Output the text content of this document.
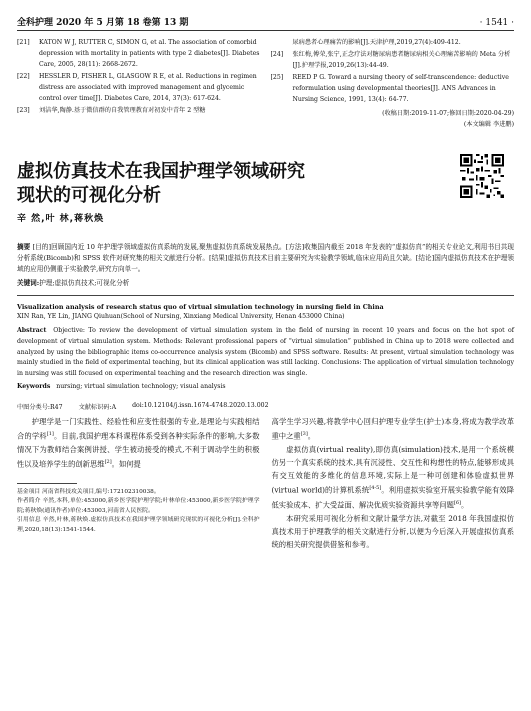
全科护理 2020 年 5 月第 18 卷第 13 期	· 1541 ·
[21]	KATON W J, RUTTER C, SIMON G, et al. The association of comorbid depression with mortality in patients with type 2 diabetes[J]. Diabetes Care, 2005, 28(11): 2668-2672.
[22]	HESSLER D, FISHER L, GLASGOW R E, et al. Reductions in regimen distress are associated with improved management and glycemic control over time[J]. Diabetes Care, 2014, 37(3): 617-624.
[23]	刘洁华,陶静.基于微信群的自我管理教育对初发中青年 2 型糖
尿病患者心理痛苦的影响[J].天津护理,2019,27(4):409-412.
[24]	张红梅,傅荣,张宁,正念疗法对糖尿病患者糖尿病相关心理痛苦影响的 Meta 分析[J].护理学报,2019,26(13):44-49.
[25]	REED P G. Toward a nursing theory of self-transcendence: deductive reformulation using developmental theories[J]. ANS Advances in Nursing Science, 1991, 13(4): 64-77.
(收稿日期:2019-11-07;修回日期:2020-04-29)
(本文编辑 李进鹏)
虚拟仿真技术在我国护理学领域研究
现状的可视化分析
辛 然,叶 林,蒋秋焕
摘要 [目的]回顾国内近 10 年护理学领域虚拟仿真系统的发展,聚焦虚拟仿真系统发展热点。[方法]收集国内截至 2018 年发表的“虚拟仿真”的相关专业论文,利用书目共现分析系统(Bicomb)和 SPSS 软件对研究集的相关文献进行分析。[结果]虚拟仿真技术目前主要研究为实验教学领域,临床应用尚且欠缺。[结论]国内虚拟仿真技术在护理领域的应用仍侧重于实验教学,研究方向单一。
关键词:护理;虚拟仿真技术;可视化分析
Visualization analysis of research status quo of virtual simulation technology in nursing field in China
XIN Ran, YE Lin, JIANG Qiuhuan(School of Nursing, Xinxiang Medical University, Henan 453000 China)
Abstract Objective: To review the development of virtual simulation system in the field of nursing in recent 10 years and focus on the hot spot of development of virtual simulation system. Methods: Relevant professional papers of “virtual simulation” published in China up to 2018 were collected and analyzed by using the bibliographic items co-occurrence analysis system (Bicomb) and SPSS software. Results: At present, virtual simulation technology was mainly studied in the field of experimental teaching, but its clinical application was still lacking. Conclusions: The application of virtual simulation technology in nursing was still focused on experimental teaching and the research direction was single.
Keywords nursing; virtual simulation technology; visual analysis
中图分类号:R47	文献标识码:A	doi:10.12104/j.issn.1674-4748.2020.13.002

护理学是一门实践性、经验性和应变性很强的专业,是理论与实践相结合的学科[1]。目前,我国护理本科课程体系受到各种实际条件的影响,大多数情况下为教师结合案例讲授、学生被动接受的模式,不利于调动学生的积极性以及培养学生的创新思维[2]。如何提

基金项目 河南省科技攻关项目,编号:172102310038。

作者简介 辛然,本科,单位:453000,新乡医学院护理学院;叶林单位:453000,新乡医学院护理学院;蒋秋焕(通讯作者)单位:453003,河南省人民医院。

引用信息 辛然,叶林,蒋秋焕.虚拟仿真技术在我国护理学领域研究现状的可视化分析[J].全科护理,2020,18(13):1541-1544.

高学生学习兴趣,将教学中心回归护理专业学生(护士)本身,将成为教学改革重中之重[3]。

虚拟仿真(virtual reality),即仿真(simulation)技术,是用一个系统模仿另一个真实系统的技术,具有沉浸性、交互性和构想性的特点,能够形成具有交互效能的多维化的信息环境,实际上是一种可创建和体验虚拟世界(virtual world)的计算机系统[4-5]。利用虚拟实验室开展实验教学能有效降低实验成本、扩大受益面、解决优质实验资源共享等问题[6]。

本研究采用可视化分析和文献计量学方法,对截至 2018 年我国虚拟仿真技术用于护理教学的相关文献进行分析,以便为今后深入开展虚拟仿真系统的相关研究提供借鉴和参考。
